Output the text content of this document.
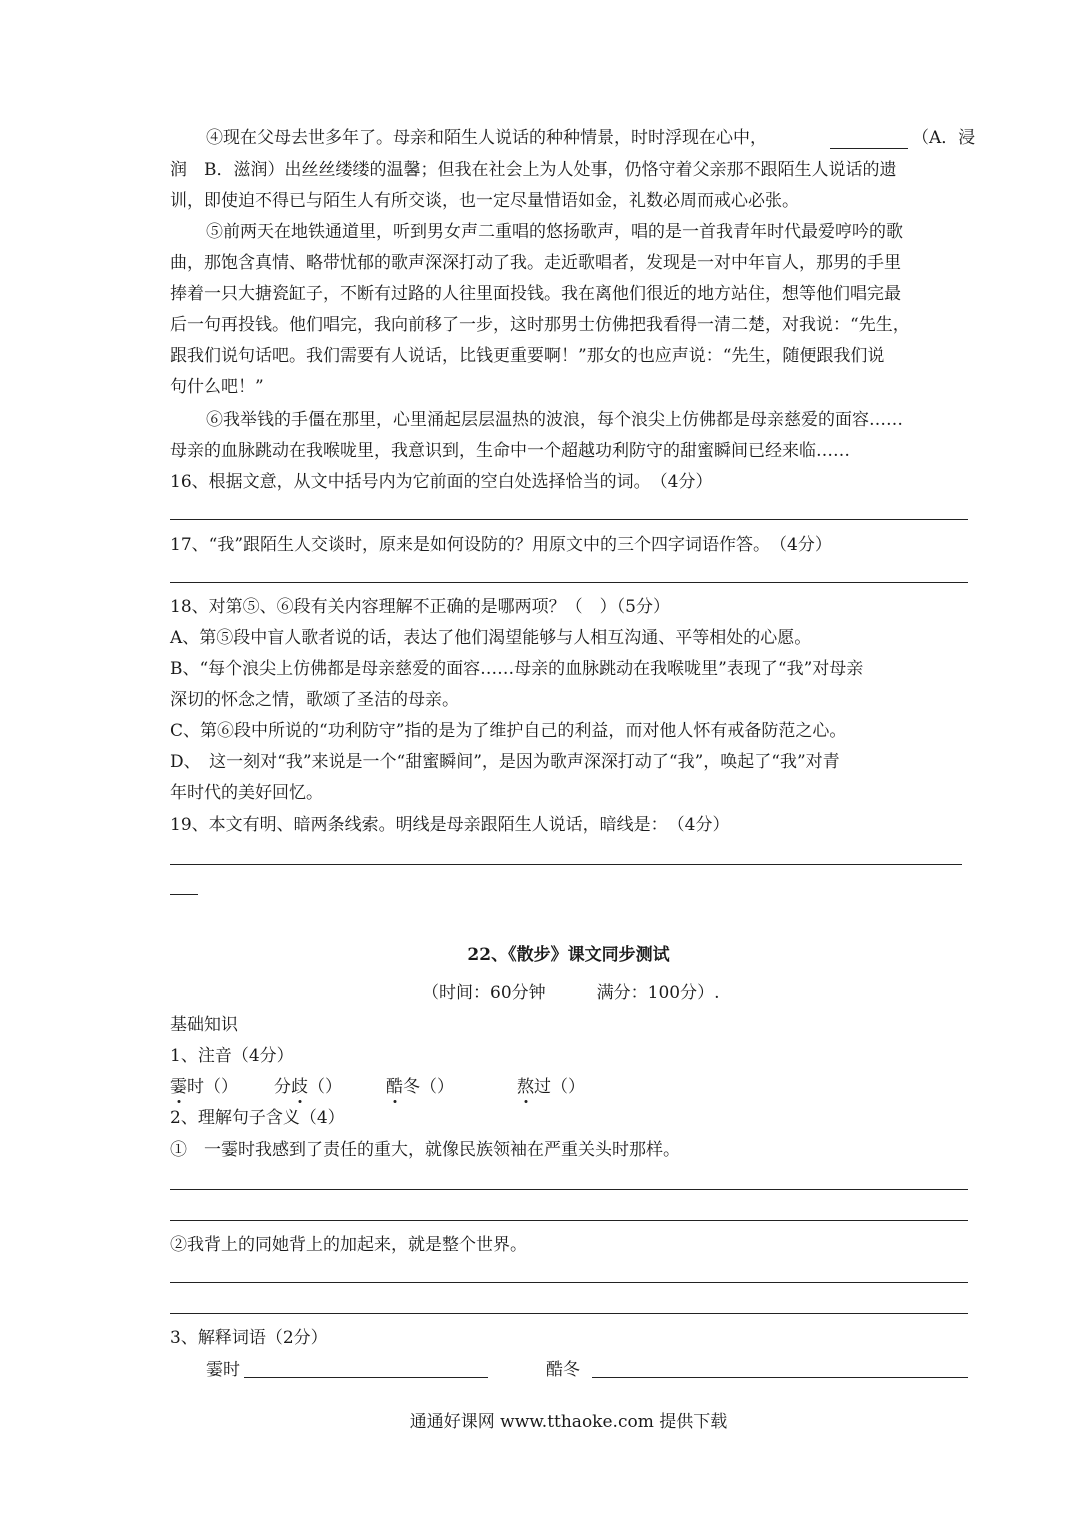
④现在父母去世多年了。母亲和陌生人说话的种种情景，时时浮现在心中，	（A．浸
润　B．滋润）出丝丝缕缕的温馨；但我在社会上为人处事，仍恪守着父亲那不跟陌生人说话的遗
训，即使迫不得已与陌生人有所交谈，也一定尽量惜语如金，礼数必周而戒心必张。
⑤前两天在地铁通道里，听到男女声二重唱的悠扬歌声，唱的是一首我青年时代最爱哼吟的歌
曲，那饱含真情、略带忧郁的歌声深深打动了我。走近歌唱者，发现是一对中年盲人，那男的手里
捧着一只大搪瓷缸子，不断有过路的人往里面投钱。我在离他们很近的地方站住，想等他们唱完最
后一句再投钱。他们唱完，我向前移了一步，这时那男士仿佛把我看得一清二楚，对我说：“先生，
跟我们说句话吧。我们需要有人说话，比钱更重要啊！”那女的也应声说：“先生，随便跟我们说
句什么吧！”
⑥我举钱的手僵在那里，心里涌起层层温热的波浪，每个浪尖上仿佛都是母亲慈爱的面容……
母亲的血脉跳动在我喉咙里，我意识到，生命中一个超越功利防守的甜蜜瞬间已经来临……
16、根据文意，从文中括号内为它前面的空白处选择恰当的词。　（4分）
17、“我”跟陌生人交谈时，原来是如何设防的？用原文中的三个四字词语作答。　（4分）
18、对第⑤、⑥段有关内容理解不正确的是哪两项？（　）（5分）
A、第⑤段中盲人歌者说的话，表达了他们渴望能够与人相互沟通、平等相处的心愿。
B、“每个浪尖上仿佛都是母亲慈爱的面容……母亲的血脉跳动在我喉咙里”表现了“我”对母亲
深切的怀念之情，歌颂了圣洁的母亲。
C、第⑥段中所说的“功利防守”指的是为了维护自己的利益，而对他人怀有戒备防范之心。
D、　这一刻对“我”来说是一个“甜蜜瞬间”，是因为歌声深深打动了“我”，唤起了“我”对青
年时代的美好回忆。
19、本文有明、暗两条线索。明线是母亲跟陌生人说话，暗线是：　（4分）
22、《散步》课文同步测试
（时间：60分钟　　　满分：100分）.
基础知识
1、注音（4分）
霎时（） 分歧（）	酷冬（）	熬过（）
2、理解句子含义（4）
①　一霎时我感到了责任的重大，就像民族领袖在严重关头时那样。
②我背上的同她背上的加起来，就是整个世界。
3、解释词语（2分）
霎时	酷冬
通通好课网 www.tthaoke.com 提供下载
